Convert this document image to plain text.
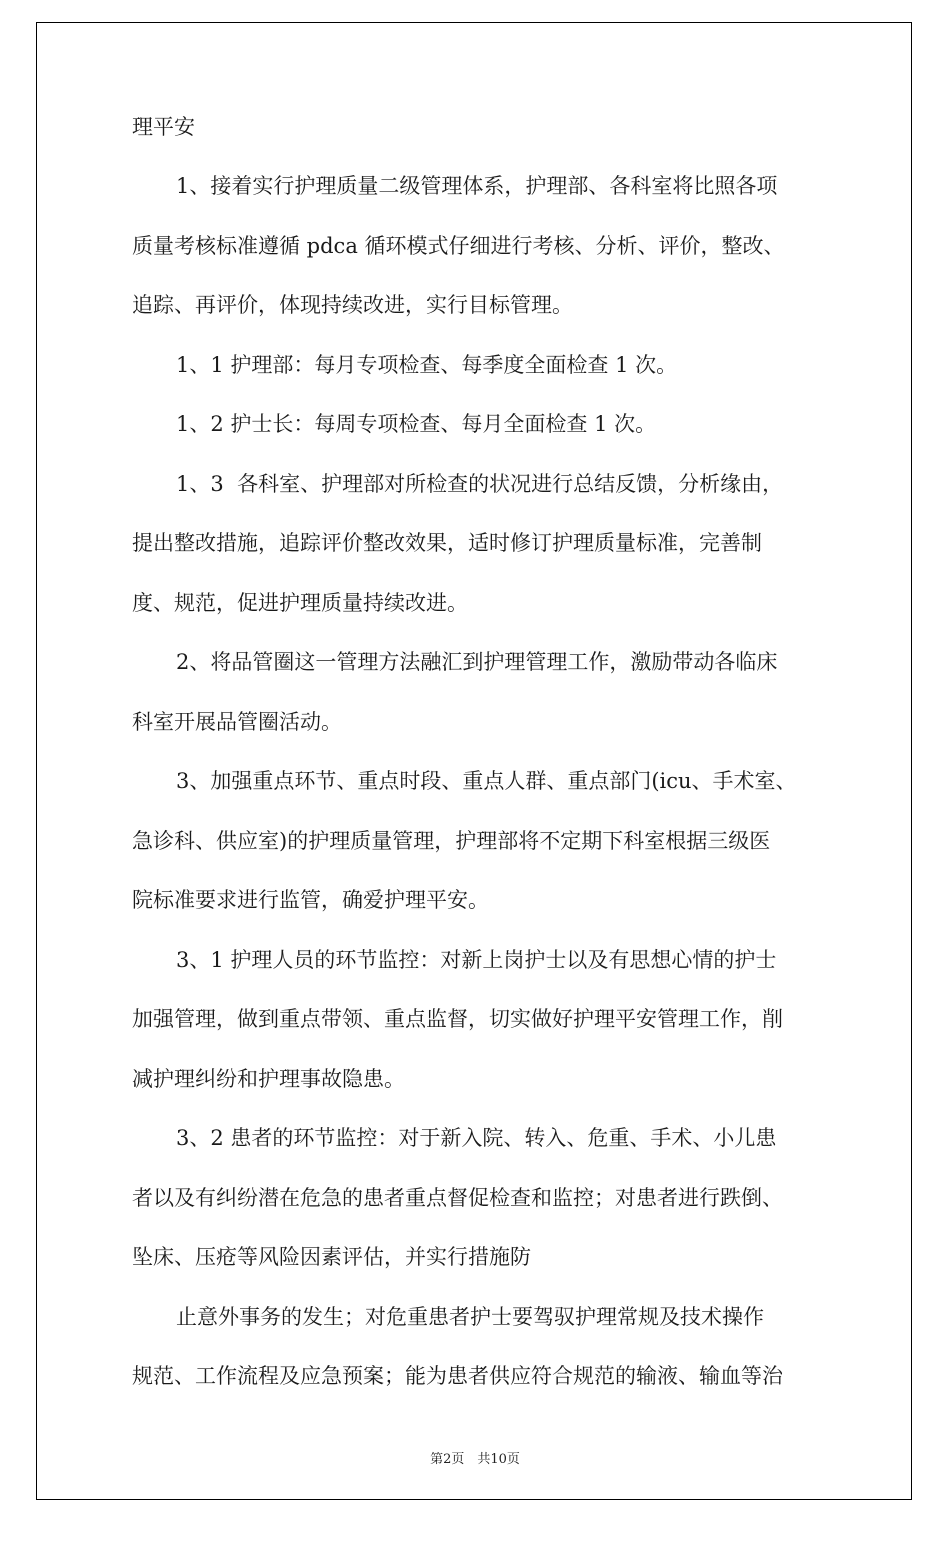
理平安
1、接着实行护理质量二级管理体系，护理部、各科室将比照各项
质量考核标准遵循 pdca 循环模式仔细进行考核、分析、评价，整改、
追踪、再评价，体现持续改进，实行目标管理。
1、1 护理部：每月专项检查、每季度全面检查 1 次。
1、2 护士长：每周专项检查、每月全面检查 1 次。
1、3  各科室、护理部对所检查的状况进行总结反馈，分析缘由，
提出整改措施，追踪评价整改效果，适时修订护理质量标准，完善制
度、规范，促进护理质量持续改进。
2、将品管圈这一管理方法融汇到护理管理工作，激励带动各临床
科室开展品管圈活动。
3、加强重点环节、重点时段、重点人群、重点部门(icu、手术室、
急诊科、供应室)的护理质量管理，护理部将不定期下科室根据三级医
院标准要求进行监管，确爱护理平安。
3、1 护理人员的环节监控：对新上岗护士以及有思想心情的护士
加强管理，做到重点带领、重点监督，切实做好护理平安管理工作，削
减护理纠纷和护理事故隐患。
3、2 患者的环节监控：对于新入院、转入、危重、手术、小儿患
者以及有纠纷潜在危急的患者重点督促检查和监控；对患者进行跌倒、
坠床、压疮等风险因素评估，并实行措施防
止意外事务的发生；对危重患者护士要驾驭护理常规及技术操作
规范、工作流程及应急预案；能为患者供应符合规范的输液、输血等治
第2页　共10页
